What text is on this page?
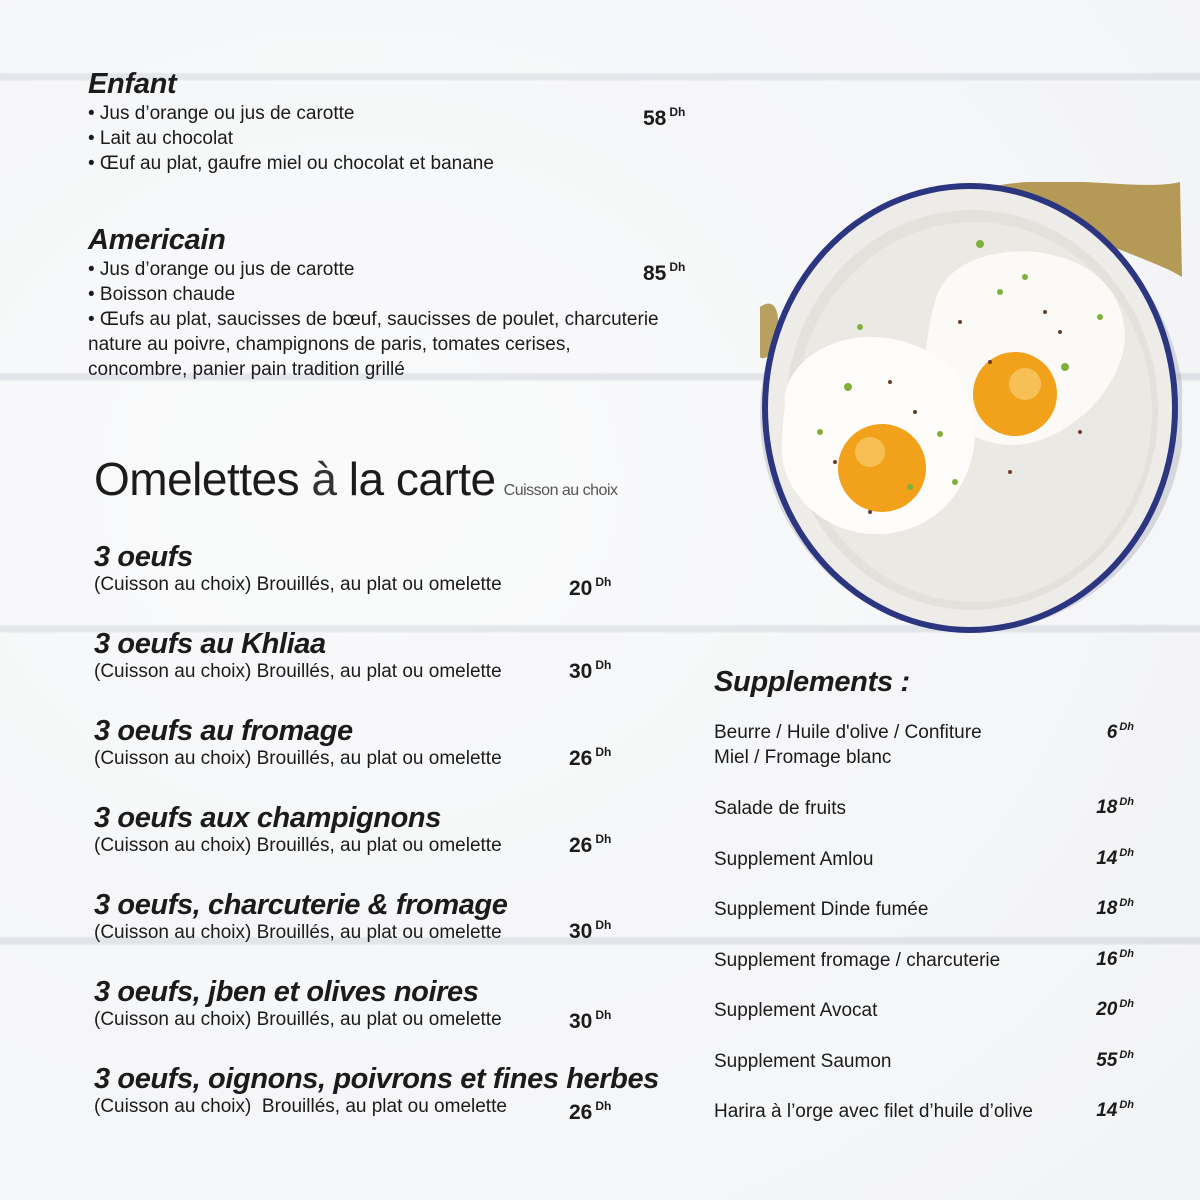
Enfant
• Jus d’orange ou jus de carotte
• Lait au chocolat
• Œuf au plat, gaufre miel ou chocolat et banane
58 $^{Dh}$
Americain
• Jus d’orange ou jus de carotte
• Boisson chaude
• Œufs au plat, saucisses de bœuf, saucisses de poulet, charcuterie
nature au poivre, champignons de paris, tomates cerises,
concombre, panier pain tradition grillé
85 $^{Dh}$
Omelettes à la carte Cuisson au choix
3 oeufs
(Cuisson au choix) Brouillés, au plat ou omelette	20 $^{Dh}$
3 oeufs au Khliaa
(Cuisson au choix) Brouillés, au plat ou omelette	30 $^{Dh}$
3 oeufs au fromage
(Cuisson au choix) Brouillés, au plat ou omelette	26 $^{Dh}$
3 oeufs aux champignons
(Cuisson au choix) Brouillés, au plat ou omelette	26 $^{Dh}$
3 oeufs, charcuterie & fromage
(Cuisson au choix) Brouillés, au plat ou omelette	30 $^{Dh}$
3 oeufs, jben et olives noires
(Cuisson au choix) Brouillés, au plat ou omelette	30 $^{Dh}$
3 oeufs, oignons, poivrons et fines herbes
(Cuisson au choix)  Brouillés, au plat ou omelette	26 $^{Dh}$
Supplements :
Beurre / Huile d'olive / Confiture
Miel / Fromage blanc
6 $^{Dh}$
Salade de fruits	18 $^{Dh}$
Supplement Amlou	14 $^{Dh}$
Supplement Dinde fumée	18 $^{Dh}$
Supplement fromage / charcuterie	16 $^{Dh}$
Supplement Avocat	20 $^{Dh}$
Supplement Saumon	55 $^{Dh}$
Harira à l’orge avec filet d’huile d’olive	14 $^{Dh}$
